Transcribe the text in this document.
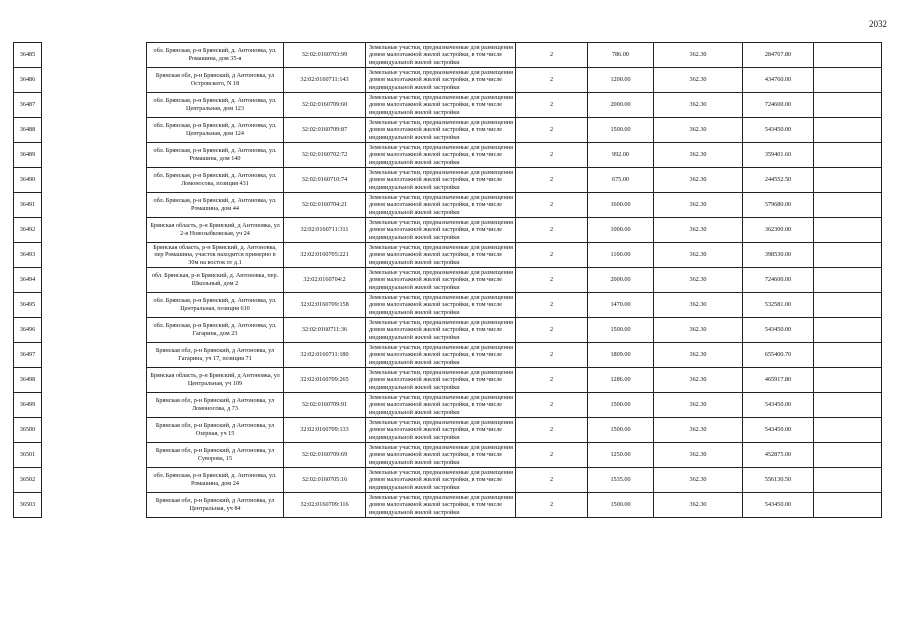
2032
36485		обл. Брянская, р-н Брянский, д. Антоновка, ул. Ромашина, дом 35-я	32:02:0160703:99	Земельные участки, предназначенные для размещения домов малоэтажной жилой застройки, в том числе индивидуальной жилой застройки	2	786.00	362.30	284767.80	
36486		Брянская обл, р-н Брянский, д Антоновка, ул Островского, N 18	32:02:0160711:143	Земельные участки, предназначенные для размещения домов малоэтажной жилой застройки, в том числе индивидуальной жилой застройки	2	1200.00	362.30	434760.00	
36487		обл. Брянская, р-н Брянский, д. Антоновка, ул. Центральная, дом 123	32:02:0160709:60	Земельные участки, предназначенные для размещения домов малоэтажной жилой застройки, в том числе индивидуальной жилой застройки	2	2000.00	362.30	724600.00	
36488		обл. Брянская, р-н Брянский, д. Антоновка, ул. Центральная, дом 124	32:02:0160709:87	Земельные участки, предназначенные для размещения домов малоэтажной жилой застройки, в том числе индивидуальной жилой застройки	2	1500.00	362.30	543450.00	
36489		обл. Брянская, р-н Брянский, д. Антоновка, ул. Ромашина, дом 140	32:02:0160702:72	Земельные участки, предназначенные для размещения домов малоэтажной жилой застройки, в том числе индивидуальной жилой застройки	2	992.00	362.30	359401.60	
36490		обл. Брянская, р-н Брянский, д. Антоновка, ул. Ломоносова, позиция 431	32:02:0160710:74	Земельные участки, предназначенные для размещения домов малоэтажной жилой застройки, в том числе индивидуальной жилой застройки	2	675.00	362.30	244552.50	
36491		обл. Брянская, р-н Брянский, д. Антоновка, ул. Ромашина, дом 44	32:02:0160704:21	Земельные участки, предназначенные для размещения домов малоэтажной жилой застройки, в том числе индивидуальной жилой застройки	2	1600.00	362.30	579680.00	
36492		Брянская область, р-н Брянский, д Антоновка, ул 2-я Новозыбковская, уч 24	32:02:0160711:311	Земельные участки, предназначенные для размещения домов малоэтажной жилой застройки, в том числе индивидуальной жилой застройки	2	1000.00	362.30	362300.00	
36493		Брянская область, р-н Брянский, д. Антоновка, пер Ромашина, участок находится примерно в 30м на восток от д.1	32:02:0160705:221	Земельные участки, предназначенные для размещения домов малоэтажной жилой застройки, в том числе индивидуальной жилой застройки	2	1100.00	362.30	398530.00	
36494		обл. Брянская, р-н Брянский, д. Антоновка, пер. Школьный, дом 2	32:02:0160704:2	Земельные участки, предназначенные для размещения домов малоэтажной жилой застройки, в том числе индивидуальной жилой застройки	2	2000.00	362.30	724600.00	
36495		обл. Брянская, р-н Брянский, д. Антоновка, ул. Центральная, позиция 610	32:02:0160709:158	Земельные участки, предназначенные для размещения домов малоэтажной жилой застройки, в том числе индивидуальной жилой застройки	2	1470.00	362.30	532581.00	
36496		обл. Брянская, р-н Брянский, д. Антоновка, ул. Гагарина, дом 23	32:02:0160711:36	Земельные участки, предназначенные для размещения домов малоэтажной жилой застройки, в том числе индивидуальной жилой застройки	2	1500.00	362.30	543450.00	
36497		Брянская обл, р-н Брянский, д Антоновка, ул Гагарина, уч 17, позиция 71	32:02:0160711:180	Земельные участки, предназначенные для размещения домов малоэтажной жилой застройки, в том числе индивидуальной жилой застройки	2	1809.00	362.30	655400.70	
36498		Брянская область, р-н Брянский, д Антоновка, ул Центральная, уч 109	32:02:0160709:265	Земельные участки, предназначенные для размещения домов малоэтажной жилой застройки, в том числе индивидуальной жилой застройки	2	1286.00	362.30	465917.80	
36499		Брянская обл, р-н Брянский, д Антоновка, ул Ломоносова, д 73	32:02:0160709:91	Земельные участки, предназначенные для размещения домов малоэтажной жилой застройки, в том числе индивидуальной жилой застройки	2	1500.00	362.30	543450.00	
36500		Брянская обл, р-н Брянский, д Антоновка, ул Озерная, уч 15	32:02:0160709:133	Земельные участки, предназначенные для размещения домов малоэтажной жилой застройки, в том числе индивидуальной жилой застройки	2	1500.00	362.30	543450.00	
36501		Брянская обл, р-н Брянский, д Антоновка, ул Суворова, 15	32:02:0160709:69	Земельные участки, предназначенные для размещения домов малоэтажной жилой застройки, в том числе индивидуальной жилой застройки	2	1250.00	362.30	452875.00	
36502		обл. Брянская, р-н Брянский, д. Антоновка, ул. Ромашина, дом 24	32:02:0160705:16	Земельные участки, предназначенные для размещения домов малоэтажной жилой застройки, в том числе индивидуальной жилой застройки	2	1535.00	362.30	556130.50	
36503		Брянская обл, р-н Брянский, д Антоновка, ул Центральная, уч 84	32:02:0160709:116	Земельные участки, предназначенные для размещения домов малоэтажной жилой застройки, в том числе индивидуальной жилой застройки	2	1500.00	362.30	543450.00	
